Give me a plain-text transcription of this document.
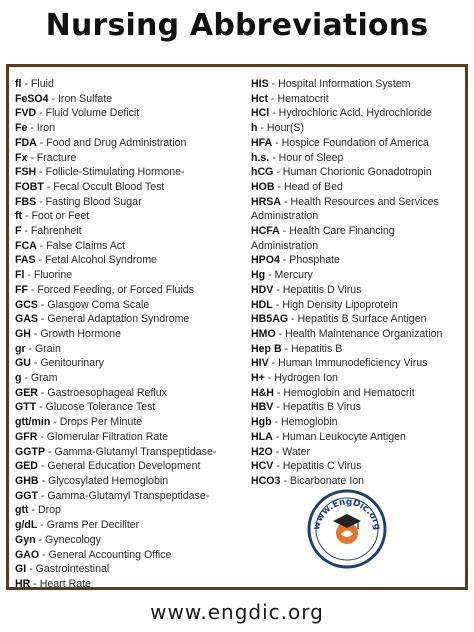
Nursing Abbreviations
fl - Fluid
FeSO4 - Iron Sulfate
FVD - Fluid Volume Deficit
Fe - Iron
FDA - Food and Drug Administration
Fx - Fracture
FSH - Follicle-Stimulating Hormone-
FOBT - Fecal Occult Blood Test
FBS - Fasting Blood Sugar
ft - Foot or Feet
F - Fahrenheit
FCA - False Claims Act
FAS - Fetal Alcohol Syndrome
Fl - Fluorine
FF - Forced Feeding, or Forced Fluids
GCS - Glasgow Coma Scale
GAS - General Adaptation Syndrome
GH - Growth Hormone
gr - Grain
GU - Genitourinary
g - Gram
GER - Gastroesophageal Reflux
GTT - Glucose Tolerance Test
gtt/min - Drops Per Minute
GFR - Glomerular Filtration Rate
GGTP - Gamma-Glutamyl Transpeptidase-
GED - General Education Development
GHB - Glycosylated Hemoglobin
GGT - Gamma-Glutamyl Transpeptidase-
gtt - Drop
g/dL - Grams Per Deciliter
Gyn - Gynecology
GAO - General Accounting Office
GI - Gastrointestinal
HR - Heart Rate
HIS - Hospital Information System
Hct - Hematocrit
HCl - Hydrochloric Acid, Hydrochloride
h - Hour(S)
HFA - Hospice Foundation of America
h.s. - Hour of Sleep
hCG - Human Chorionic Gonadotropin
HOB - Head of Bed
HRSA - Health Resources and Services Administration
HCFA - Health Care Financing Administration
HPO4 - Phosphate
Hg - Mercury
HDV - Hepatitis D Virus
HDL - High Density Lipoprotein
HB5AG - Hepatitis B Surface Antigen
HMO - Health Maintenance Organization
Hep B - Hepatitis B
HIV - Human Immunodeficiency Virus
H+ - Hydrogen Ion
H&H - Hemoglobin and Hematocrit
HBV - Hepatitis B Virus
Hgb - Hemoglobin
HLA - Human Leukocyte Antigen
H2O - Water
HCV - Hepatitis C Virus
HCO3 - Bicarbonate Ion
www.EngDic.org
www.engdic.org
